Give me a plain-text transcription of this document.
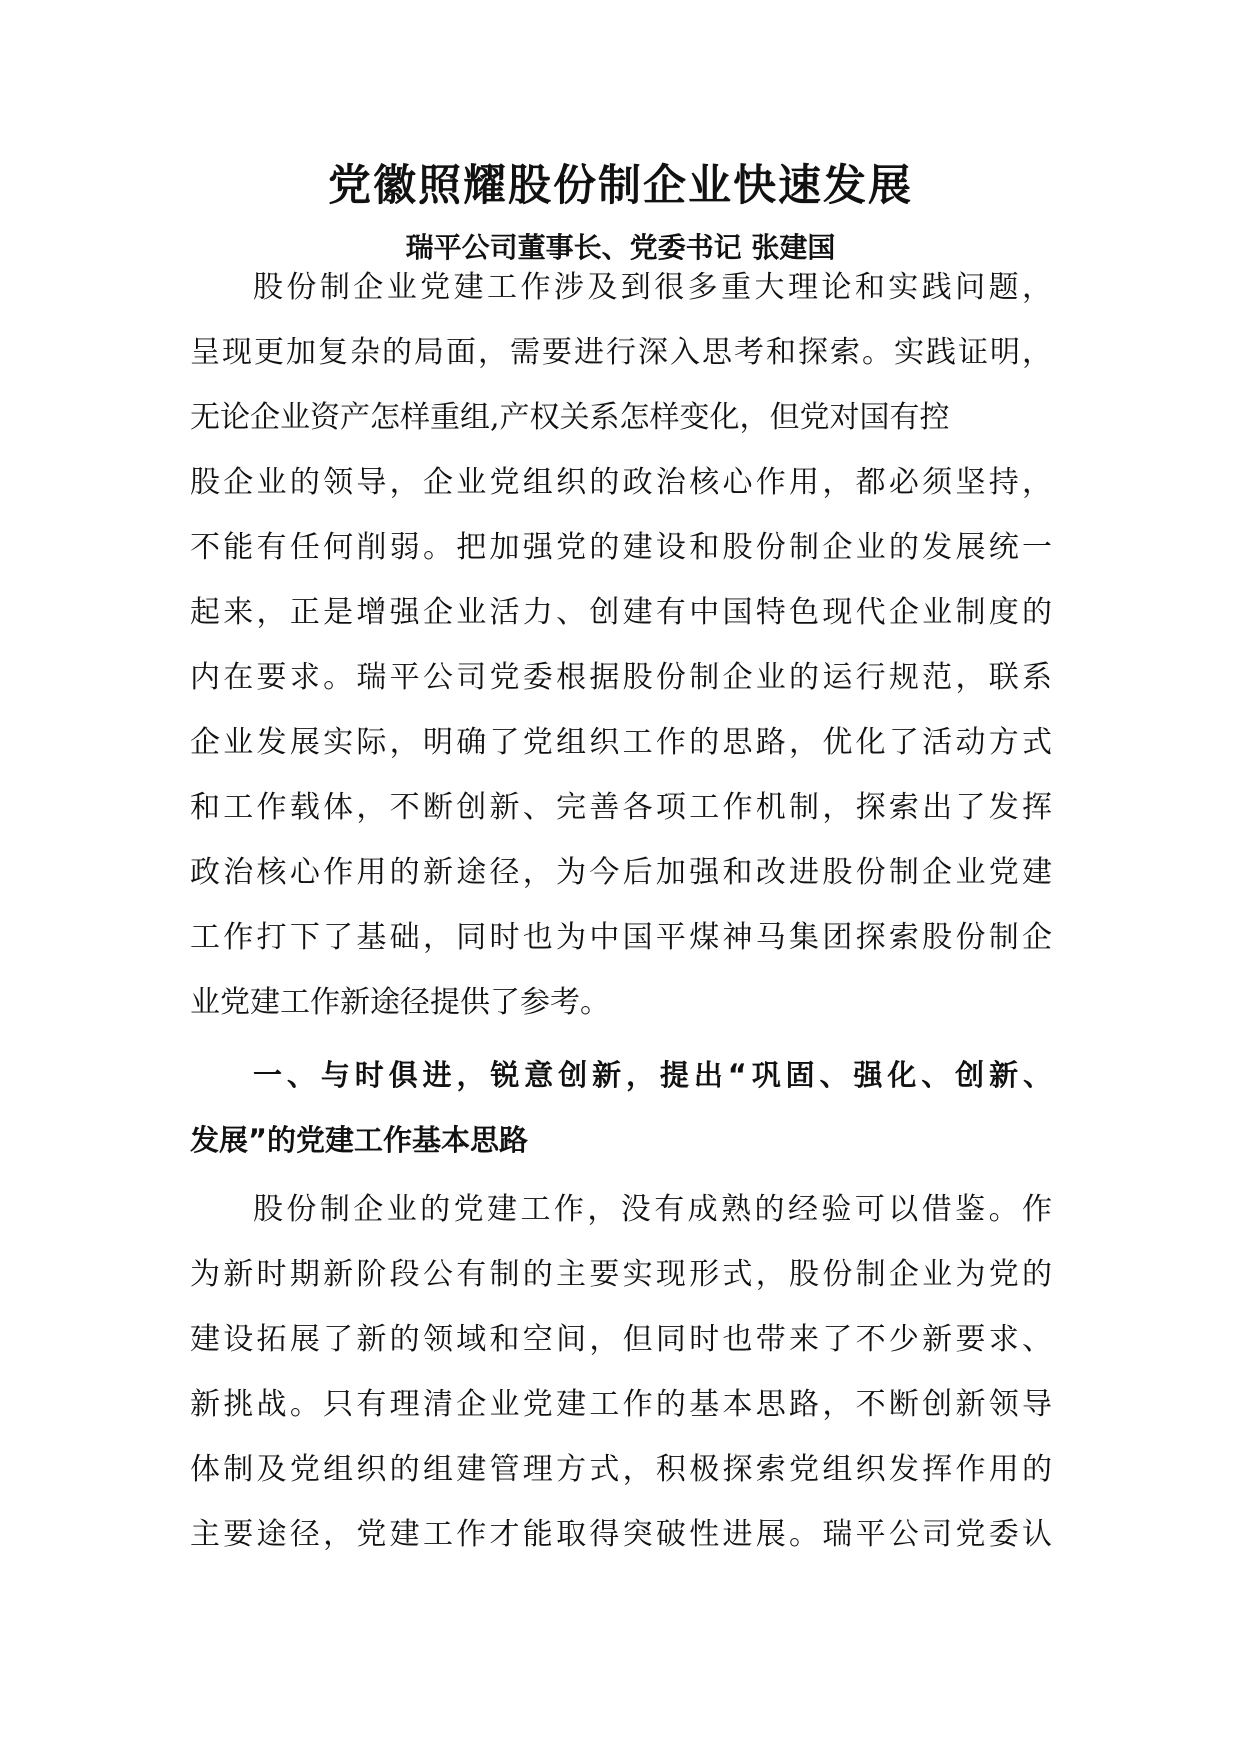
党徽照耀股份制企业快速发展
瑞平公司董事长、党委书记 张建国
股份制企业党建工作涉及到很多重大理论和实践问题，
呈现更加复杂的局面，需要进行深入思考和探索。实践证明，
无论企业资产怎样重组,产权关系怎样变化，但党对国有控
股企业的领导，企业党组织的政治核心作用，都必须坚持，
不能有任何削弱。把加强党的建设和股份制企业的发展统一
起来，正是增强企业活力、创建有中国特色现代企业制度的
内在要求。瑞平公司党委根据股份制企业的运行规范，联系
企业发展实际，明确了党组织工作的思路，优化了活动方式
和工作载体，不断创新、完善各项工作机制，探索出了发挥
政治核心作用的新途径，为今后加强和改进股份制企业党建
工作打下了基础，同时也为中国平煤神马集团探索股份制企
业党建工作新途径提供了参考。
一、与时俱进，锐意创新，提出“巩固、强化、创新、
发展”的党建工作基本思路
股份制企业的党建工作，没有成熟的经验可以借鉴。作
为新时期新阶段公有制的主要实现形式，股份制企业为党的
建设拓展了新的领域和空间，但同时也带来了不少新要求、
新挑战。只有理清企业党建工作的基本思路，不断创新领导
体制及党组织的组建管理方式，积极探索党组织发挥作用的
主要途径，党建工作才能取得突破性进展。瑞平公司党委认
